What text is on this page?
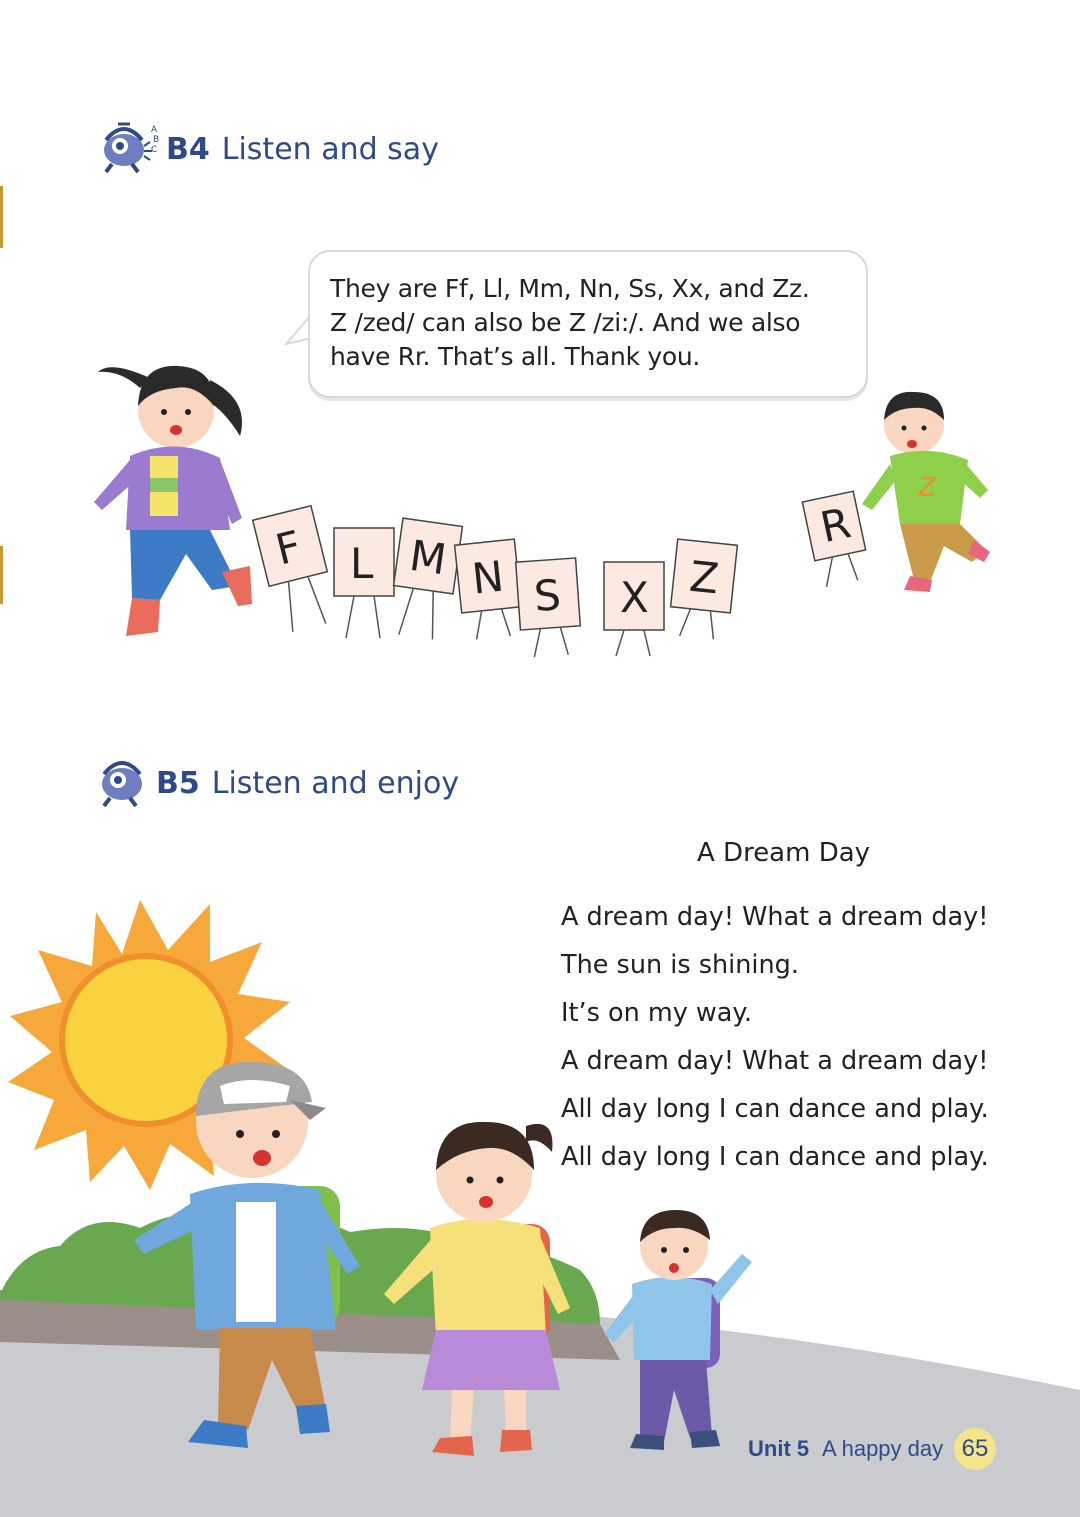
A
B
C B4 Listen and say
They are Ff, Ll, Mm, Nn, Ss, Xx, and Zz.
Z /zed/ can also be Z /zi:/. And we also
have Rr. That’s all. Thank you.
Z
F L M N S X Z
R
B5 Listen and enjoy
A Dream Day
A dream day! What a dream day!
The sun is shining.
It’s on my way.
A dream day! What a dream day!
All day long I can dance and play.
All day long I can dance and play.
Unit 5 A happy day 65
